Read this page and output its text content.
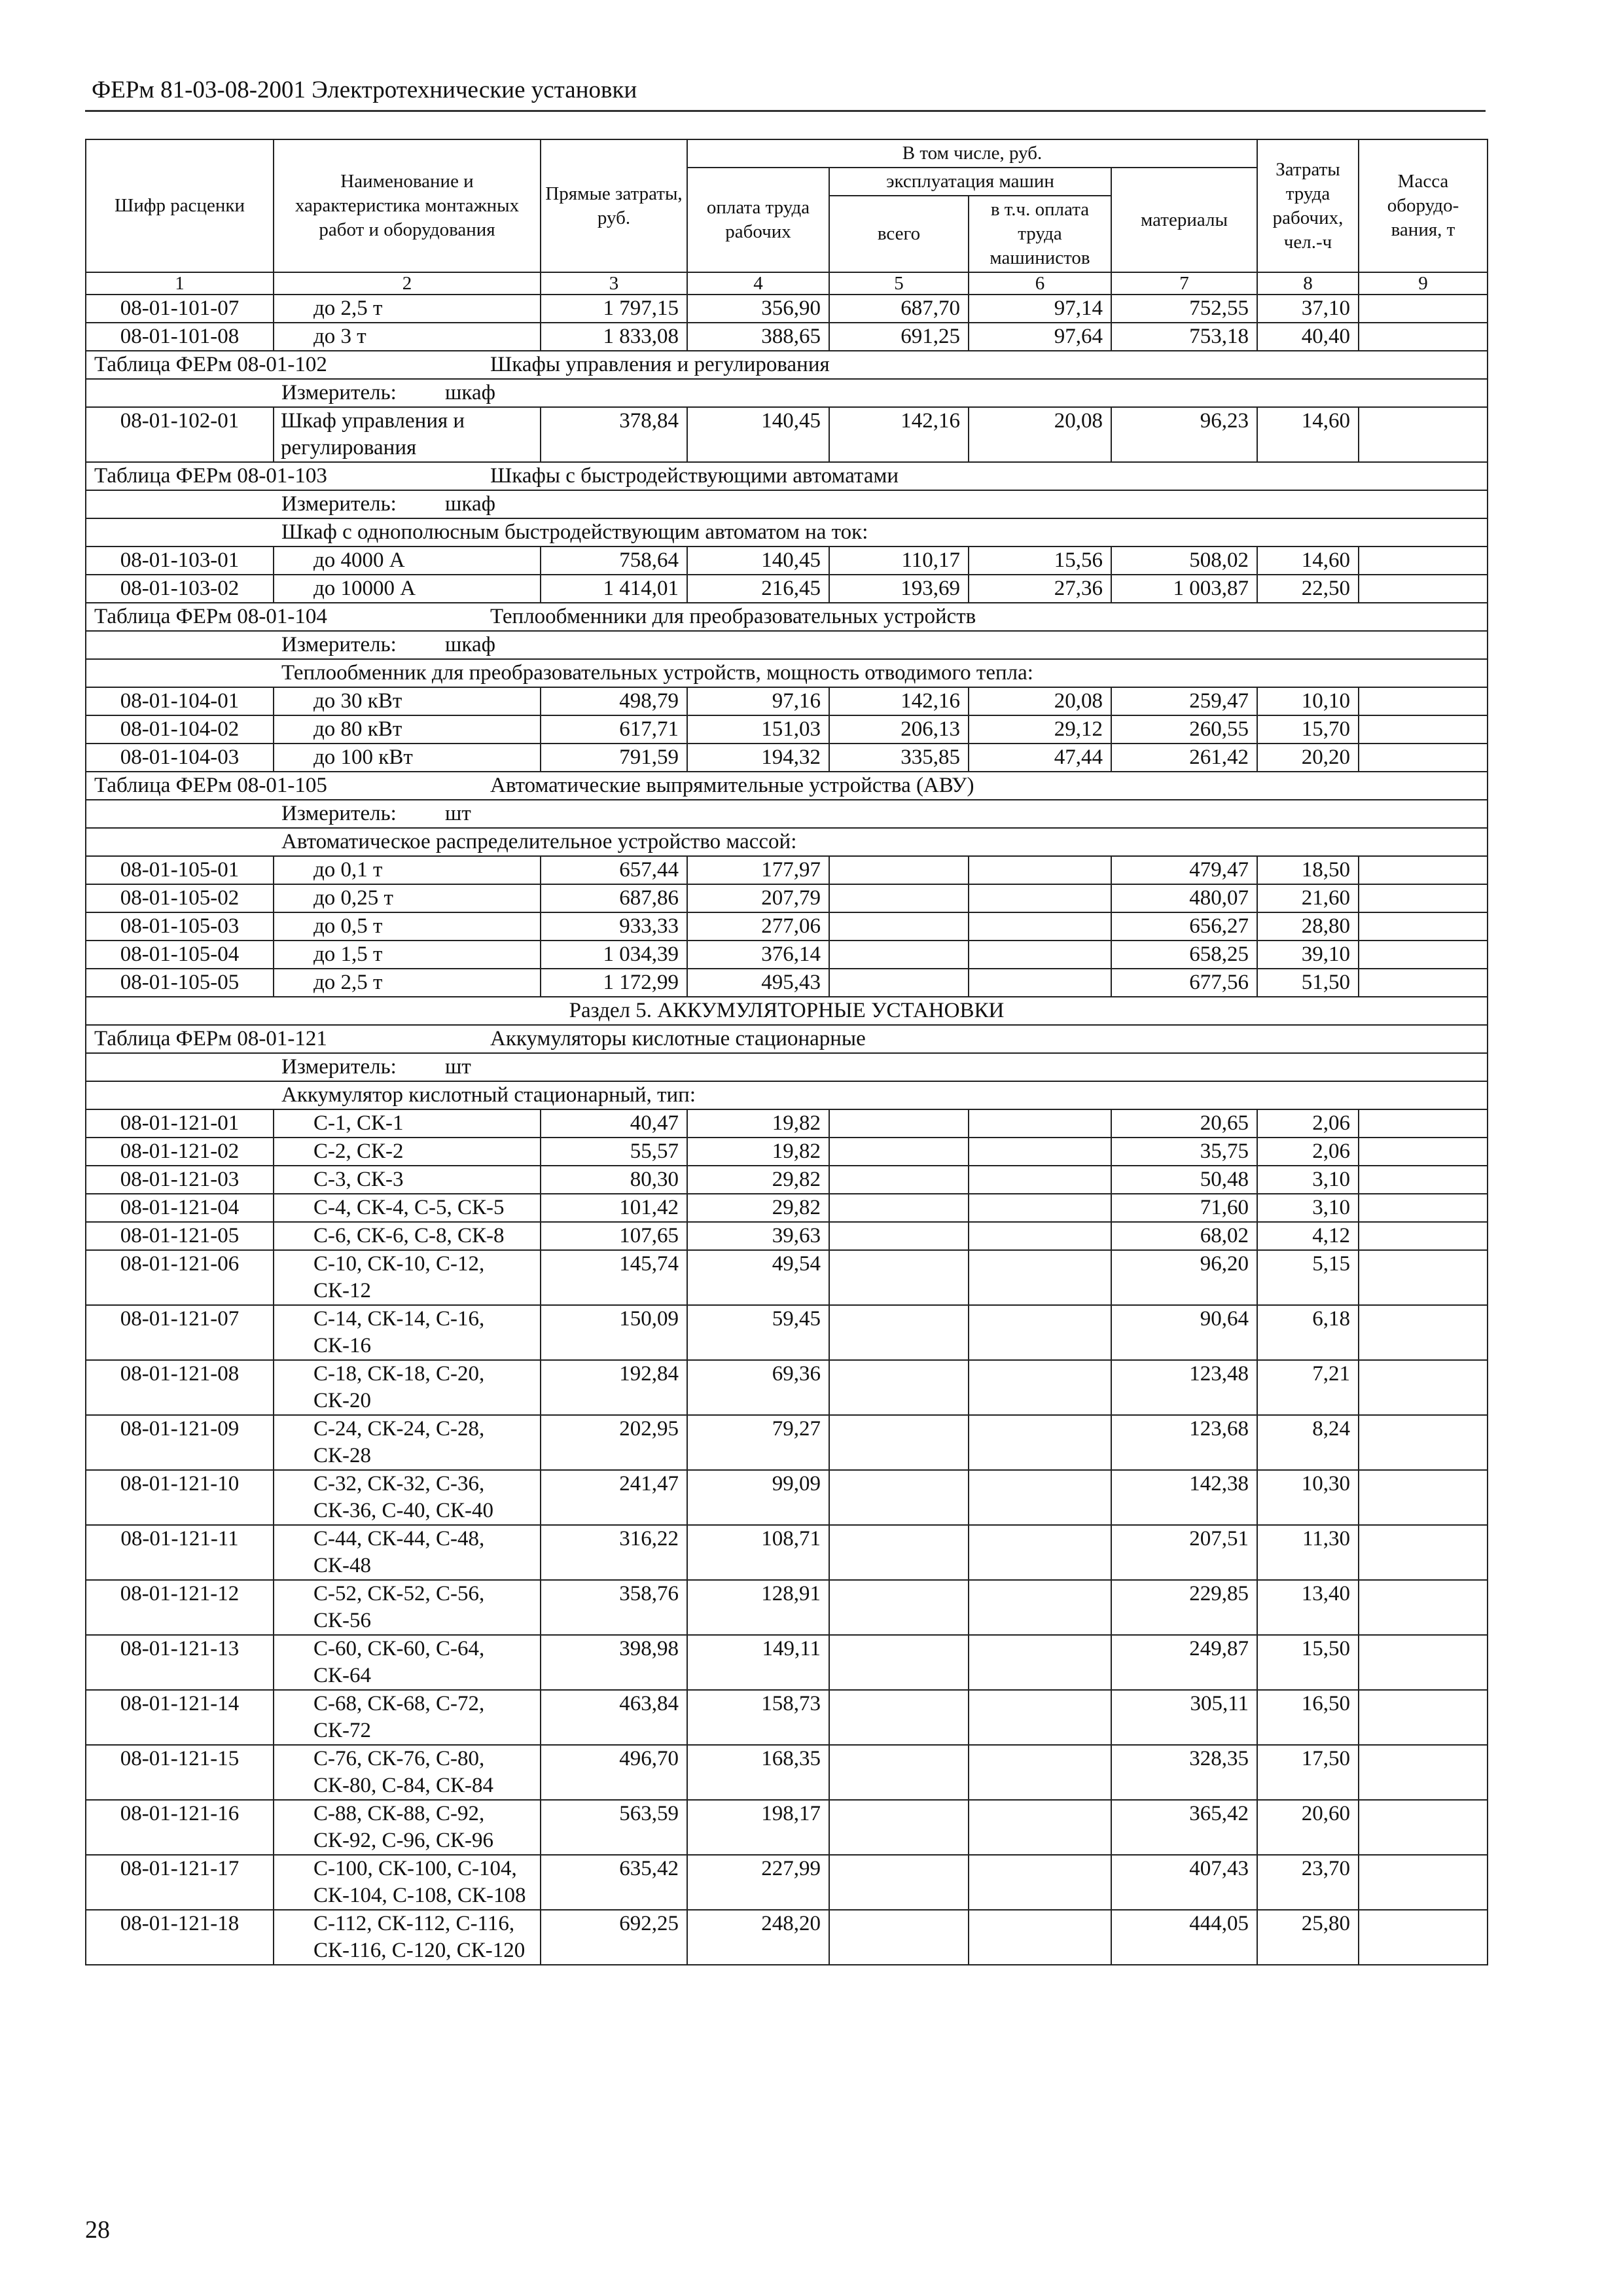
ФЕРм 81-03-08-2001 Электротехнические установки
Шифр расценки	Наименование и характеристика монтажных работ и оборудования	Прямые затраты, руб.	В том числе, руб.				Затраты труда рабочих, чел.-ч	Масса оборудо-вания, т
			оплата труда рабочих	эксплуатация машин		материалы		
				всего	в т.ч. оплата труда машинистов			
1	2	3	4	5	6	7	8	9
08-01-101-07	до 2,5 т	1 797,15	356,90	687,70	97,14	752,55	37,10	
08-01-101-08	до 3 т	1 833,08	388,65	691,25	97,64	753,18	40,40	
Таблица ФЕРм 08-01-102 Шкафы управления и регулирования								
Измеритель: шкаф								
08-01-102-01	Шкаф управления и регулирования	378,84	140,45	142,16	20,08	96,23	14,60	
Таблица ФЕРм 08-01-103 Шкафы с быстродействующими автоматами								
Измеритель: шкаф								
Шкаф с однополюсным быстродействующим автоматом на ток:								
08-01-103-01	до 4000 А	758,64	140,45	110,17	15,56	508,02	14,60	
08-01-103-02	до 10000 А	1 414,01	216,45	193,69	27,36	1 003,87	22,50	
Таблица ФЕРм 08-01-104 Теплообменники для преобразовательных устройств								
Измеритель: шкаф								
Теплообменник для преобразовательных устройств, мощность отводимого тепла:								
08-01-104-01	до 30 кВт	498,79	97,16	142,16	20,08	259,47	10,10	
08-01-104-02	до 80 кВт	617,71	151,03	206,13	29,12	260,55	15,70	
08-01-104-03	до 100 кВт	791,59	194,32	335,85	47,44	261,42	20,20	
Таблица ФЕРм 08-01-105 Автоматические выпрямительные устройства (АВУ)								
Измеритель: шт								
Автоматическое распределительное устройство массой:								
08-01-105-01	до 0,1 т	657,44	177,97			479,47	18,50	
08-01-105-02	до 0,25 т	687,86	207,79			480,07	21,60	
08-01-105-03	до 0,5 т	933,33	277,06			656,27	28,80	
08-01-105-04	до 1,5 т	1 034,39	376,14			658,25	39,10	
08-01-105-05	до 2,5 т	1 172,99	495,43			677,56	51,50	
Раздел 5. АККУМУЛЯТОРНЫЕ УСТАНОВКИ								
Таблица ФЕРм 08-01-121 Аккумуляторы кислотные стационарные								
Измеритель: шт								
Аккумулятор кислотный стационарный, тип:								
08-01-121-01	С-1, СК-1	40,47	19,82			20,65	2,06	
08-01-121-02	С-2, СК-2	55,57	19,82			35,75	2,06	
08-01-121-03	С-3, СК-3	80,30	29,82			50,48	3,10	
08-01-121-04	С-4, СК-4, С-5, СК-5	101,42	29,82			71,60	3,10	
08-01-121-05	С-6, СК-6, С-8, СК-8	107,65	39,63			68,02	4,12	
08-01-121-06	С-10, СК-10, С-12, СК-12	145,74	49,54			96,20	5,15	
08-01-121-07	С-14, СК-14, С-16, СК-16	150,09	59,45			90,64	6,18	
08-01-121-08	С-18, СК-18, С-20, СК-20	192,84	69,36			123,48	7,21	
08-01-121-09	С-24, СК-24, С-28, СК-28	202,95	79,27			123,68	8,24	
08-01-121-10	С-32, СК-32, С-36, СК-36, С-40, СК-40	241,47	99,09			142,38	10,30	
08-01-121-11	С-44, СК-44, С-48, СК-48	316,22	108,71			207,51	11,30	
08-01-121-12	С-52, СК-52, С-56, СК-56	358,76	128,91			229,85	13,40	
08-01-121-13	С-60, СК-60, С-64, СК-64	398,98	149,11			249,87	15,50	
08-01-121-14	С-68, СК-68, С-72, СК-72	463,84	158,73			305,11	16,50	
08-01-121-15	С-76, СК-76, С-80, СК-80, С-84, СК-84	496,70	168,35			328,35	17,50	
08-01-121-16	С-88, СК-88, С-92, СК-92, С-96, СК-96	563,59	198,17			365,42	20,60	
08-01-121-17	С-100, СК-100, С-104, СК-104, С-108, СК-108	635,42	227,99			407,43	23,70	
08-01-121-18	С-112, СК-112, С-116, СК-116, С-120, СК-120	692,25	248,20			444,05	25,80	
28
